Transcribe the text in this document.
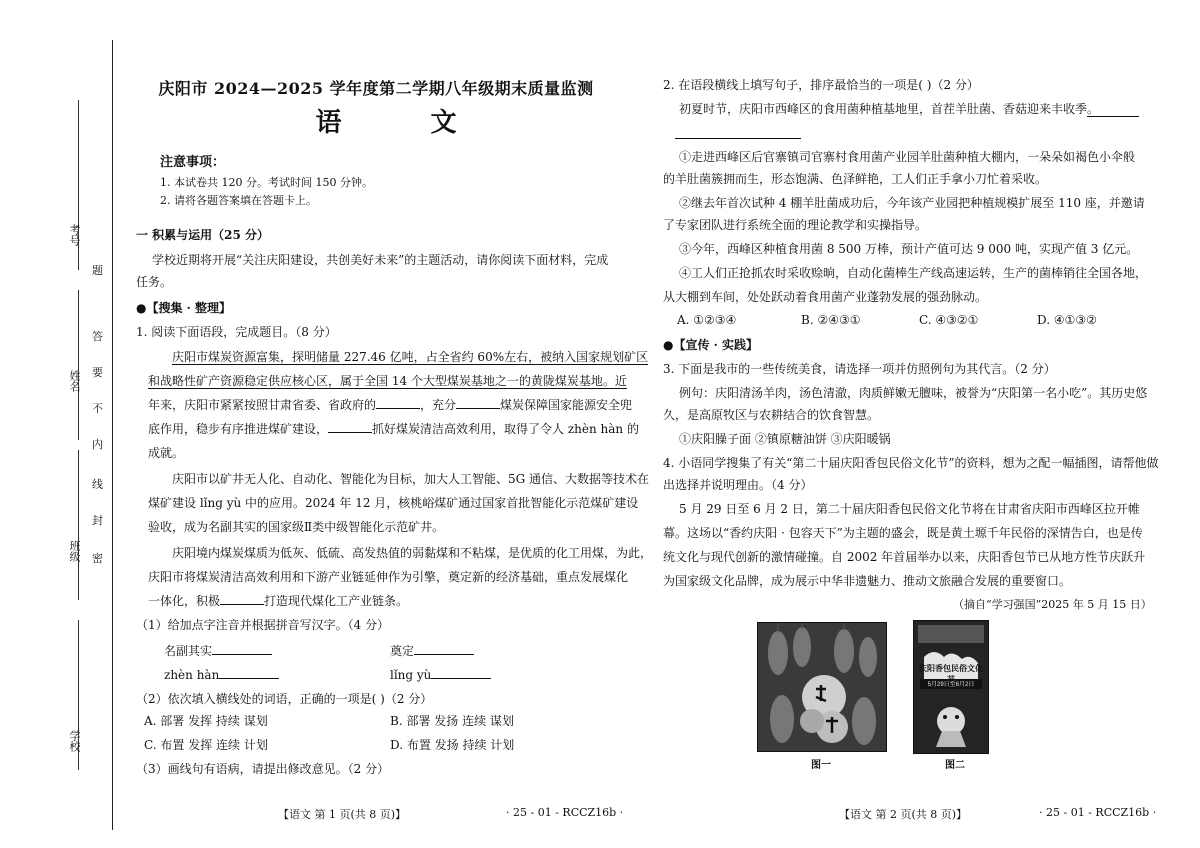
考号
姓名
班级
学校
题
答
要
不
内
线
封
密
庆阳市 2024—2025 学年度第二学期八年级期末质量监测
语 文
注意事项：
1. 本试卷共 120 分。考试时间 150 分钟。
2. 请将各题答案填在答题卡上。
一 积累与运用（25 分）
学校近期将开展“关注庆阳建设，共创美好未来”的主题活动，请你阅读下面材料，完成
任务。
●【搜集 · 整理】
1. 阅读下面语段，完成题目。（8 分）
庆阳市煤炭资源富集，探明储量 227.46 亿吨，占全省约 60%左右，被纳入国家规划矿区
和战略性矿产资源稳定供应核心区，属于全国 14 个大型煤炭基地之一的黄陇煤炭基地。近
年来，庆阳市紧紧按照甘肃省委、省政府的	，充分	煤炭保障国家能源安全兜
底作用，稳步有序推进煤矿建设，	抓好煤炭清洁高效利用，取得了令人 zhèn hàn 的
成就。
庆阳市以矿井无人化、自动化、智能化为目标，加大人工智能、5G 通信、大数据等技术在
煤矿建设 lǐng yù 中的应用。2024 年 12 月，核桃峪煤矿通过国家首批智能化示范煤矿建设
验收，成为名副其实的国家级Ⅱ类中级智能化示范矿井。
庆阳境内煤炭煤质为低灰、低硫、高发热值的弱黏煤和不粘煤，是优质的化工用煤，为此，
庆阳市将煤炭清洁高效利用和下游产业链延伸作为引擎，奠定新的经济基础，重点发展煤化
一体化，积极	打造现代煤化工产业链条。
（1）给加点字注音并根据拼音写汉字。（4 分）
名副其实	奠定
zhèn hàn	lǐng yù
（2）依次填入横线处的词语，正确的一项是( )（2 分）
A. 部署 发挥 持续 谋划	B. 部署 发扬 连续 谋划
C. 布置 发挥 连续 计划	D. 布置 发扬 持续 计划
（3）画线句有语病，请提出修改意见。（2 分）
【语文 第 1 页(共 8 页)】	· 25 - 01 - RCCZ16b ·
2. 在语段横线上填写句子，排序最恰当的一项是( )（2 分）
初夏时节，庆阳市西峰区的食用菌种植基地里，首茬羊肚菌、香菇迎来丰收季。
①走进西峰区后官寨镇司官寨村食用菌产业园羊肚菌种植大棚内，一朵朵如褐色小伞般
的羊肚菌簇拥而生，形态饱满、色泽鲜艳，工人们正手拿小刀忙着采收。
②继去年首次试种 4 棚羊肚菌成功后，今年该产业园把种植规模扩展至 110 座，并邀请
了专家团队进行系统全面的理论教学和实操指导。
③今年，西峰区种植食用菌 8 500 万棒，预计产值可达 9 000 吨，实现产值 3 亿元。
④工人们正抢抓农时采收赊晌，自动化菌棒生产线高速运转，生产的菌棒销往全国各地，
从大棚到车间，处处跃动着食用菌产业蓬勃发展的强劲脉动。
A. ①②③④	B. ②④③①	C. ④③②①	D. ④①③②
●【宣传 · 实践】
3. 下面是我市的一些传统美食，请选择一项并仿照例句为其代言。（2 分）
例句：庆阳清汤羊肉，汤色清澈，肉质鲜嫩无膻味，被誉为“庆阳第一名小吃”。其历史悠
久，是高原牧区与农耕结合的饮食智慧。
①庆阳臊子面 ②镇原糖油饼 ③庆阳暖锅
4. 小语同学搜集了有关“第二十届庆阳香包民俗文化节”的资料，想为之配一幅插图，请帮他做
出选择并说明理由。（4 分）
5 月 29 日至 6 月 2 日，第二十届庆阳香包民俗文化节将在甘肃省庆阳市西峰区拉开帷
幕。这场以“香约庆阳 · 包容天下”为主题的盛会，既是黄土塬千年民俗的深情告白，也是传
统文化与现代创新的激情碰撞。自 2002 年首届举办以来，庆阳香包节已从地方性节庆跃升
为国家级文化品牌，成为展示中华非遗魅力、推动文旅融合发展的重要窗口。
（摘自“学习强国”2025 年 5 月 15 日）
图一
庆阳香包民俗文化节
5月29日至6月2日
图二
【语文 第 2 页(共 8 页)】	· 25 - 01 - RCCZ16b ·
